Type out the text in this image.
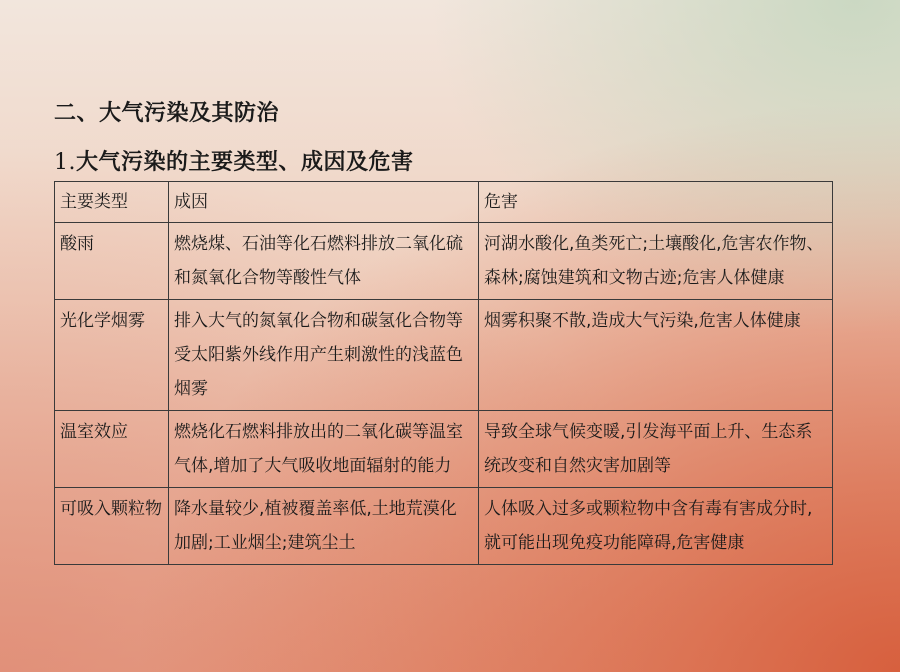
二、大气污染及其防治
1.大气污染的主要类型、成因及危害
主要类型	成因	危害
酸雨	燃烧煤、石油等化石燃料排放二氧化硫和氮氧化合物等酸性气体	河湖水酸化,鱼类死亡;土壤酸化,危害农作物、森林;腐蚀建筑和文物古迹;危害人体健康
光化学烟雾	排入大气的氮氧化合物和碳氢化合物等受太阳紫外线作用产生刺激性的浅蓝色烟雾	烟雾积聚不散,造成大气污染,危害人体健康
温室效应	燃烧化石燃料排放出的二氧化碳等温室气体,增加了大气吸收地面辐射的能力	导致全球气候变暖,引发海平面上升、生态系统改变和自然灾害加剧等
可吸入颗粒物	降水量较少,植被覆盖率低,土地荒漠化加剧;工业烟尘;建筑尘土	人体吸入过多或颗粒物中含有毒有害成分时,就可能出现免疫功能障碍,危害健康
